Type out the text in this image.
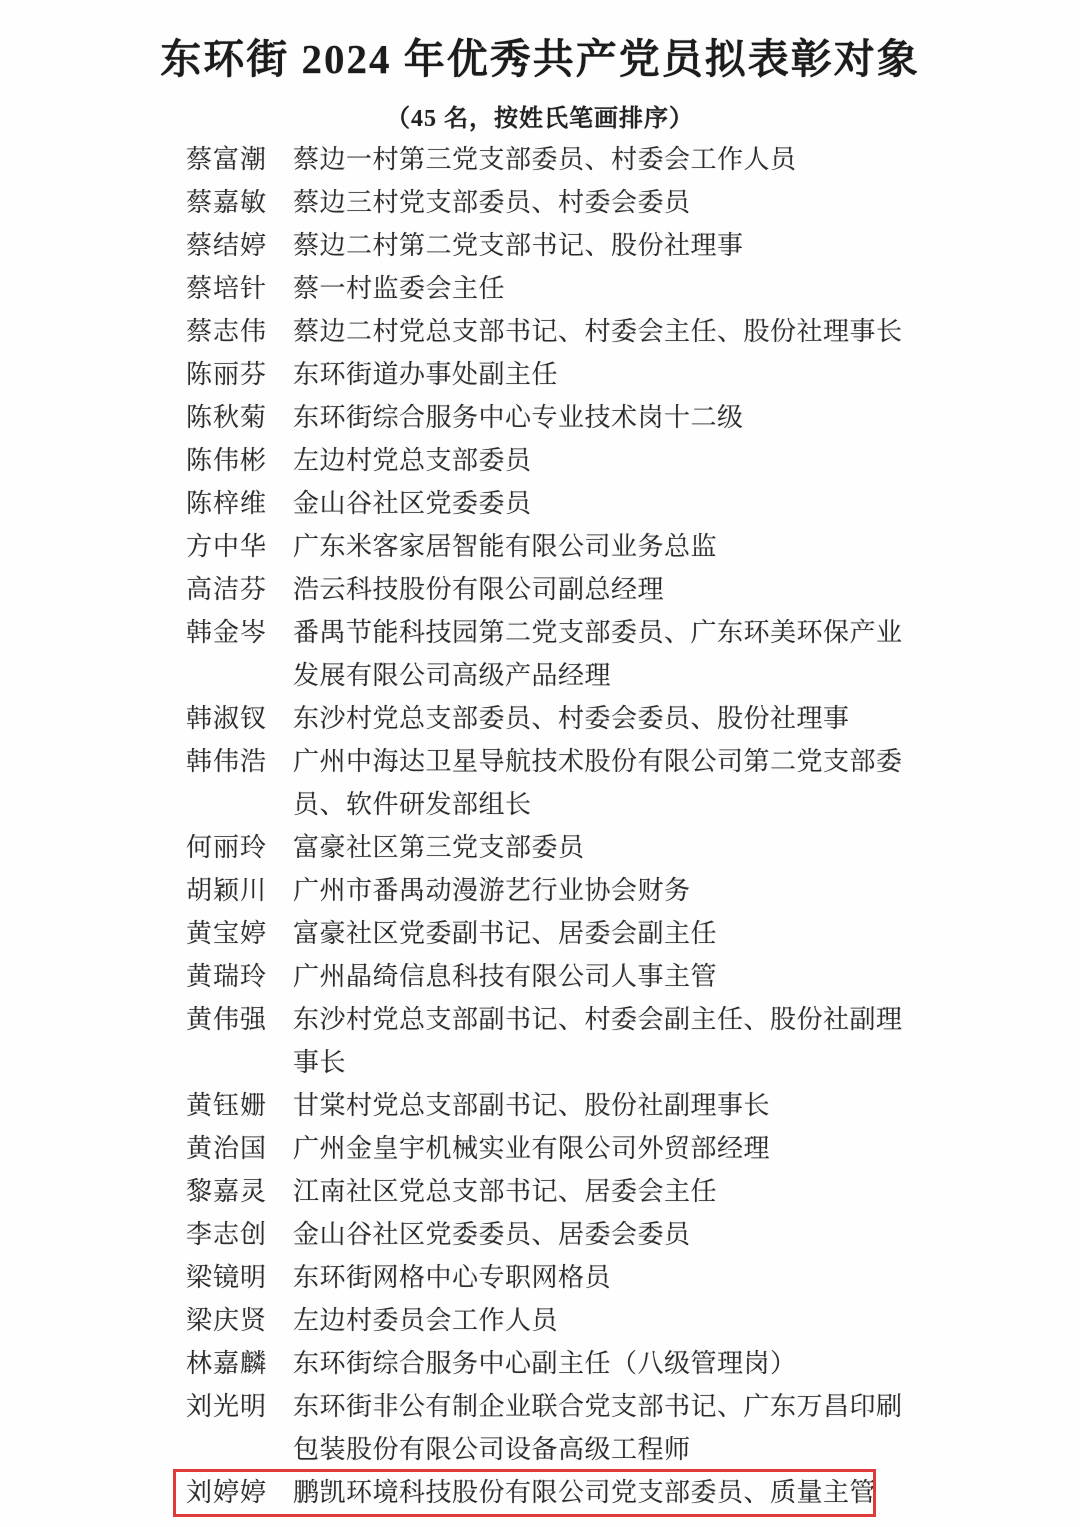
东环街 2024 年优秀共产党员拟表彰对象
（45 名，按姓氏笔画排序）
蔡富潮 蔡边一村第三党支部委员、村委会工作人员
蔡嘉敏 蔡边三村党支部委员、村委会委员
蔡结婷 蔡边二村第二党支部书记、股份社理事
蔡培针 蔡一村监委会主任
蔡志伟 蔡边二村党总支部书记、村委会主任、股份社理事长
陈丽芬 东环街道办事处副主任
陈秋菊 东环街综合服务中心专业技术岗十二级
陈伟彬 左边村党总支部委员
陈梓维 金山谷社区党委委员
方中华 广东米客家居智能有限公司业务总监
高洁芬 浩云科技股份有限公司副总经理
韩金岑 番禺节能科技园第二党支部委员、广东环美环保产业发展有限公司高级产品经理
韩淑钗 东沙村党总支部委员、村委会委员、股份社理事
韩伟浩 广州中海达卫星导航技术股份有限公司第二党支部委员、软件研发部组长
何丽玲 富豪社区第三党支部委员
胡颖川 广州市番禺动漫游艺行业协会财务
黄宝婷 富豪社区党委副书记、居委会副主任
黄瑞玲 广州晶绮信息科技有限公司人事主管
黄伟强 东沙村党总支部副书记、村委会副主任、股份社副理事长
黄钰姗 甘棠村党总支部副书记、股份社副理事长
黄治国 广州金皇宇机械实业有限公司外贸部经理
黎嘉灵 江南社区党总支部书记、居委会主任
李志创 金山谷社区党委委员、居委会委员
梁镜明 东环街网格中心专职网格员
梁庆贤 左边村委员会工作人员
林嘉麟 东环街综合服务中心副主任（八级管理岗）
刘光明 东环街非公有制企业联合党支部书记、广东万昌印刷包装股份有限公司设备高级工程师
刘婷婷 鹏凯环境科技股份有限公司党支部委员、质量主管
